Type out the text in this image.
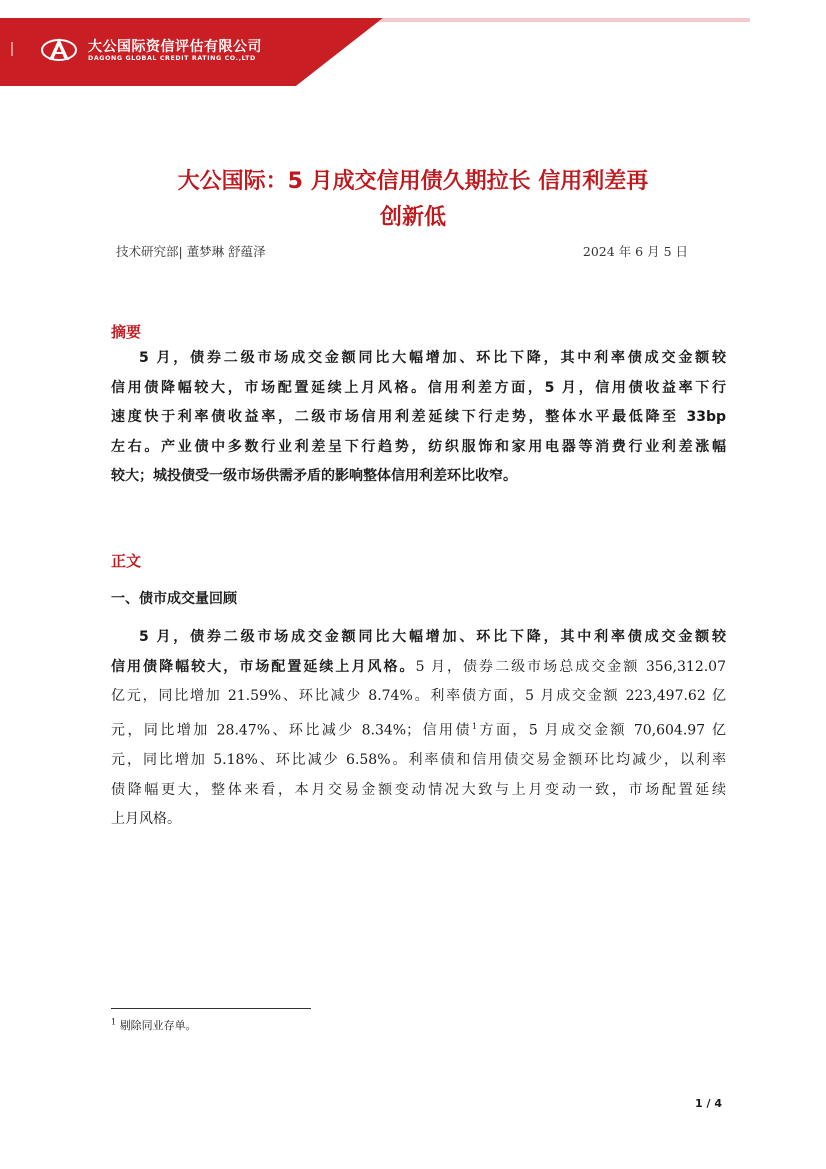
大公国际资信评估有限公司
DAGONG GLOBAL CREDIT RATING CO.,LTD
大公国际：5 月成交信用债久期拉长 信用利差再
创新低
技术研究部| 董梦琳 舒蕴泽	2024 年 6 月 5 日
摘要
5 月，债券二级市场成交金额同比大幅增加、环比下降，其中利率债成交金额较
信用债降幅较大，市场配置延续上月风格。信用利差方面，5 月，信用债收益率下行
速度快于利率债收益率，二级市场信用利差延续下行走势，整体水平最低降至 33bp
左右。产业债中多数行业利差呈下行趋势，纺织服饰和家用电器等消费行业利差涨幅
较大；城投债受一级市场供需矛盾的影响整体信用利差环比收窄。
正文
一、债市成交量回顾
5 月，债券二级市场成交金额同比大幅增加、环比下降，其中利率债成交金额较
信用债降幅较大，市场配置延续上月风格。5 月，债券二级市场总成交金额 356,312.07
亿元，同比增加 21.59%、环比减少 8.74%。利率债方面，5 月成交金额 223,497.62 亿
元，同比增加 28.47%、环比减少 8.34%；信用债$^1$方面，5 月成交金额 70,604.97 亿
元，同比增加 5.18%、环比减少 6.58%。利率债和信用债交易金额环比均减少，以利率
债降幅更大，整体来看，本月交易金额变动情况大致与上月变动一致，市场配置延续
上月风格。
$^1$ 剔除同业存单。
1 / 4
